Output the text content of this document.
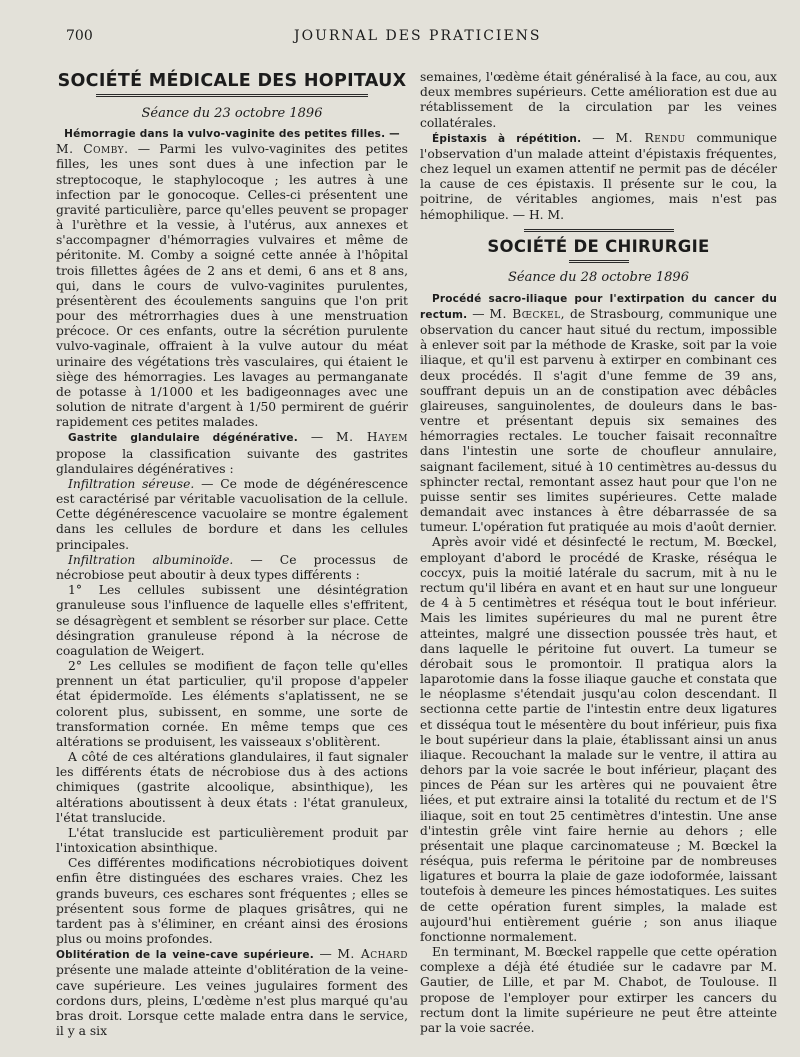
700	JOURNAL DES PRATICIENS
SOCIÉTÉ MÉDICALE DES HOPITAUX
Séance du 23 octobre 1896

Hémorragie dans la vulvo-vaginite des petites filles. —
M. Comby. — Parmi les vulvo-vaginites des petites filles, les unes sont dues à une infection par le streptocoque, le staphylocoque ; les autres à une infection par le gonocoque. Celles-ci présentent une gravité particulière, parce qu'elles peuvent se propager à l'urèthre et la vessie, à l'utérus, aux annexes et s'accompagner d'hémorragies vulvaires et même de péritonite. M. Comby a soigné cette année à l'hôpital trois fillettes âgées de 2 ans et demi, 6 ans et 8 ans, qui, dans le cours de vulvo-vaginites purulentes, présentèrent des écoulements sanguins que l'on prit pour des métrorrhagies dues à une menstruation précoce. Or ces enfants, outre la sécrétion purulente vulvo-vaginale, offraient à la vulve autour du méat urinaire des végétations très vasculaires, qui étaient le siège des hémorragies. Les lavages au permanganate de potasse à 1/1000 et les badigeonnages avec une solution de nitrate d'argent à 1/50 permirent de guérir rapidement ces petites malades.

Gastrite glandulaire dégénérative. — M. Hayem propose la classification suivante des gastrites glandulaires dégénératives :

Infiltration séreuse. — Ce mode de dégénérescence est caractérisé par véritable vacuolisation de la cellule. Cette dégénérescence vacuolaire se montre également dans les cellules de bordure et dans les cellules principales.

Infiltration albuminoïde. — Ce processus de nécrobiose peut aboutir à deux types différents :

1° Les cellules subissent une désintégration granuleuse sous l'influence de laquelle elles s'effritent, se désagrègent et semblent se résorber sur place. Cette désingration granuleuse répond à la nécrose de coagulation de Weigert.

2° Les cellules se modifient de façon telle qu'elles prennent un état particulier, qu'il propose d'appeler état épidermoïde. Les éléments s'aplatissent, ne se colorent plus, subissent, en somme, une sorte de transformation cornée. En même temps que ces altérations se produisent, les vaisseaux s'oblitèrent.

A côté de ces altérations glandulaires, il faut signaler les différents états de nécrobiose dus à des actions chimiques (gastrite alcoolique, absinthique), les altérations aboutissent à deux états : l'état granuleux, l'état translucide.

L'état translucide est particulièrement produit par l'intoxication absinthique.

Ces différentes modifications nécrobiotiques doivent enfin être distinguées des eschares vraies. Chez les grands buveurs, ces eschares sont fréquentes ; elles se présentent sous forme de plaques grisâtres, qui ne tardent pas à s'éliminer, en créant ainsi des érosions plus ou moins profondes.

Oblitération de la veine-cave supérieure. — M. Achard présente une malade atteinte d'oblitération de la veine-cave supérieure. Les veines jugulaires forment des cordons durs, pleins, L'œdème n'est plus marqué qu'au bras droit. Lorsque cette malade entra dans le service, il y a six

semaines, l'œdème était généralisé à la face, au cou, aux deux membres supérieurs. Cette amélioration est due au rétablissement de la circulation par les veines collatérales.

Épistaxis à répétition. — M. Rendu communique l'observation d'un malade atteint d'épistaxis fréquentes, chez lequel un examen attentif ne permit pas de décéler la cause de ces épistaxis. Il présente sur le cou, la poitrine, de véritables angiomes, mais n'est pas hémophilique. — H. M.

SOCIÉTÉ DE CHIRURGIE
Séance du 28 octobre 1896

Procédé sacro-iliaque pour l'extirpation du cancer du rectum. — M. Bœckel, de Strasbourg, communique une observation du cancer haut situé du rectum, impossible à enlever soit par la méthode de Kraske, soit par la voie iliaque, et qu'il est parvenu à extirper en combinant ces deux procédés. Il s'agit d'une femme de 39 ans, souffrant depuis un an de constipation avec débâcles glaireuses, sanguinolentes, de douleurs dans le bas-ventre et présentant depuis six semaines des hémorragies rectales. Le toucher faisait reconnaître dans l'intestin une sorte de choufleur annulaire, saignant facilement, situé à 10 centimètres au-dessus du sphincter rectal, remontant assez haut pour que l'on ne puisse sentir ses limites supérieures. Cette malade demandait avec instances à être débarrassée de sa tumeur. L'opération fut pratiquée au mois d'août dernier.

Après avoir vidé et désinfecté le rectum, M. Bœckel, employant d'abord le procédé de Kraske, réséqua le coccyx, puis la moitié latérale du sacrum, mit à nu le rectum qu'il libéra en avant et en haut sur une longueur de 4 à 5 centimètres et réséqua tout le bout inférieur. Mais les limites supérieures du mal ne purent être atteintes, malgré une dissection poussée très haut, et dans laquelle le péritoine fut ouvert. La tumeur se dérobait sous le promontoir. Il pratiqua alors la laparotomie dans la fosse iliaque gauche et constata que le néoplasme s'étendait jusqu'au colon descendant. Il sectionna cette partie de l'intestin entre deux ligatures et disséqua tout le mésentère du bout inférieur, puis fixa le bout supérieur dans la plaie, établissant ainsi un anus iliaque. Recouchant la malade sur le ventre, il attira au dehors par la voie sacrée le bout inférieur, plaçant des pinces de Péan sur les artères qui ne pouvaient être liées, et put extraire ainsi la totalité du rectum et de l'S iliaque, soit en tout 25 centimètres d'intestin. Une anse d'intestin grêle vint faire hernie au dehors ; elle présentait une plaque carcinomateuse ; M. Bœckel la réséqua, puis referma le péritoine par de nombreuses ligatures et bourra la plaie de gaze iodoformée, laissant toutefois à demeure les pinces hémostatiques. Les suites de cette opération furent simples, la malade est aujourd'hui entièrement guérie ; son anus iliaque fonctionne normalement.

En terminant, M. Bœckel rappelle que cette opération complexe a déjà été étudiée sur le cadavre par M. Gautier, de Lille, et par M. Chabot, de Toulouse. Il propose de l'employer pour extirper les cancers du rectum dont la limite supérieure ne peut être atteinte par la voie sacrée.
